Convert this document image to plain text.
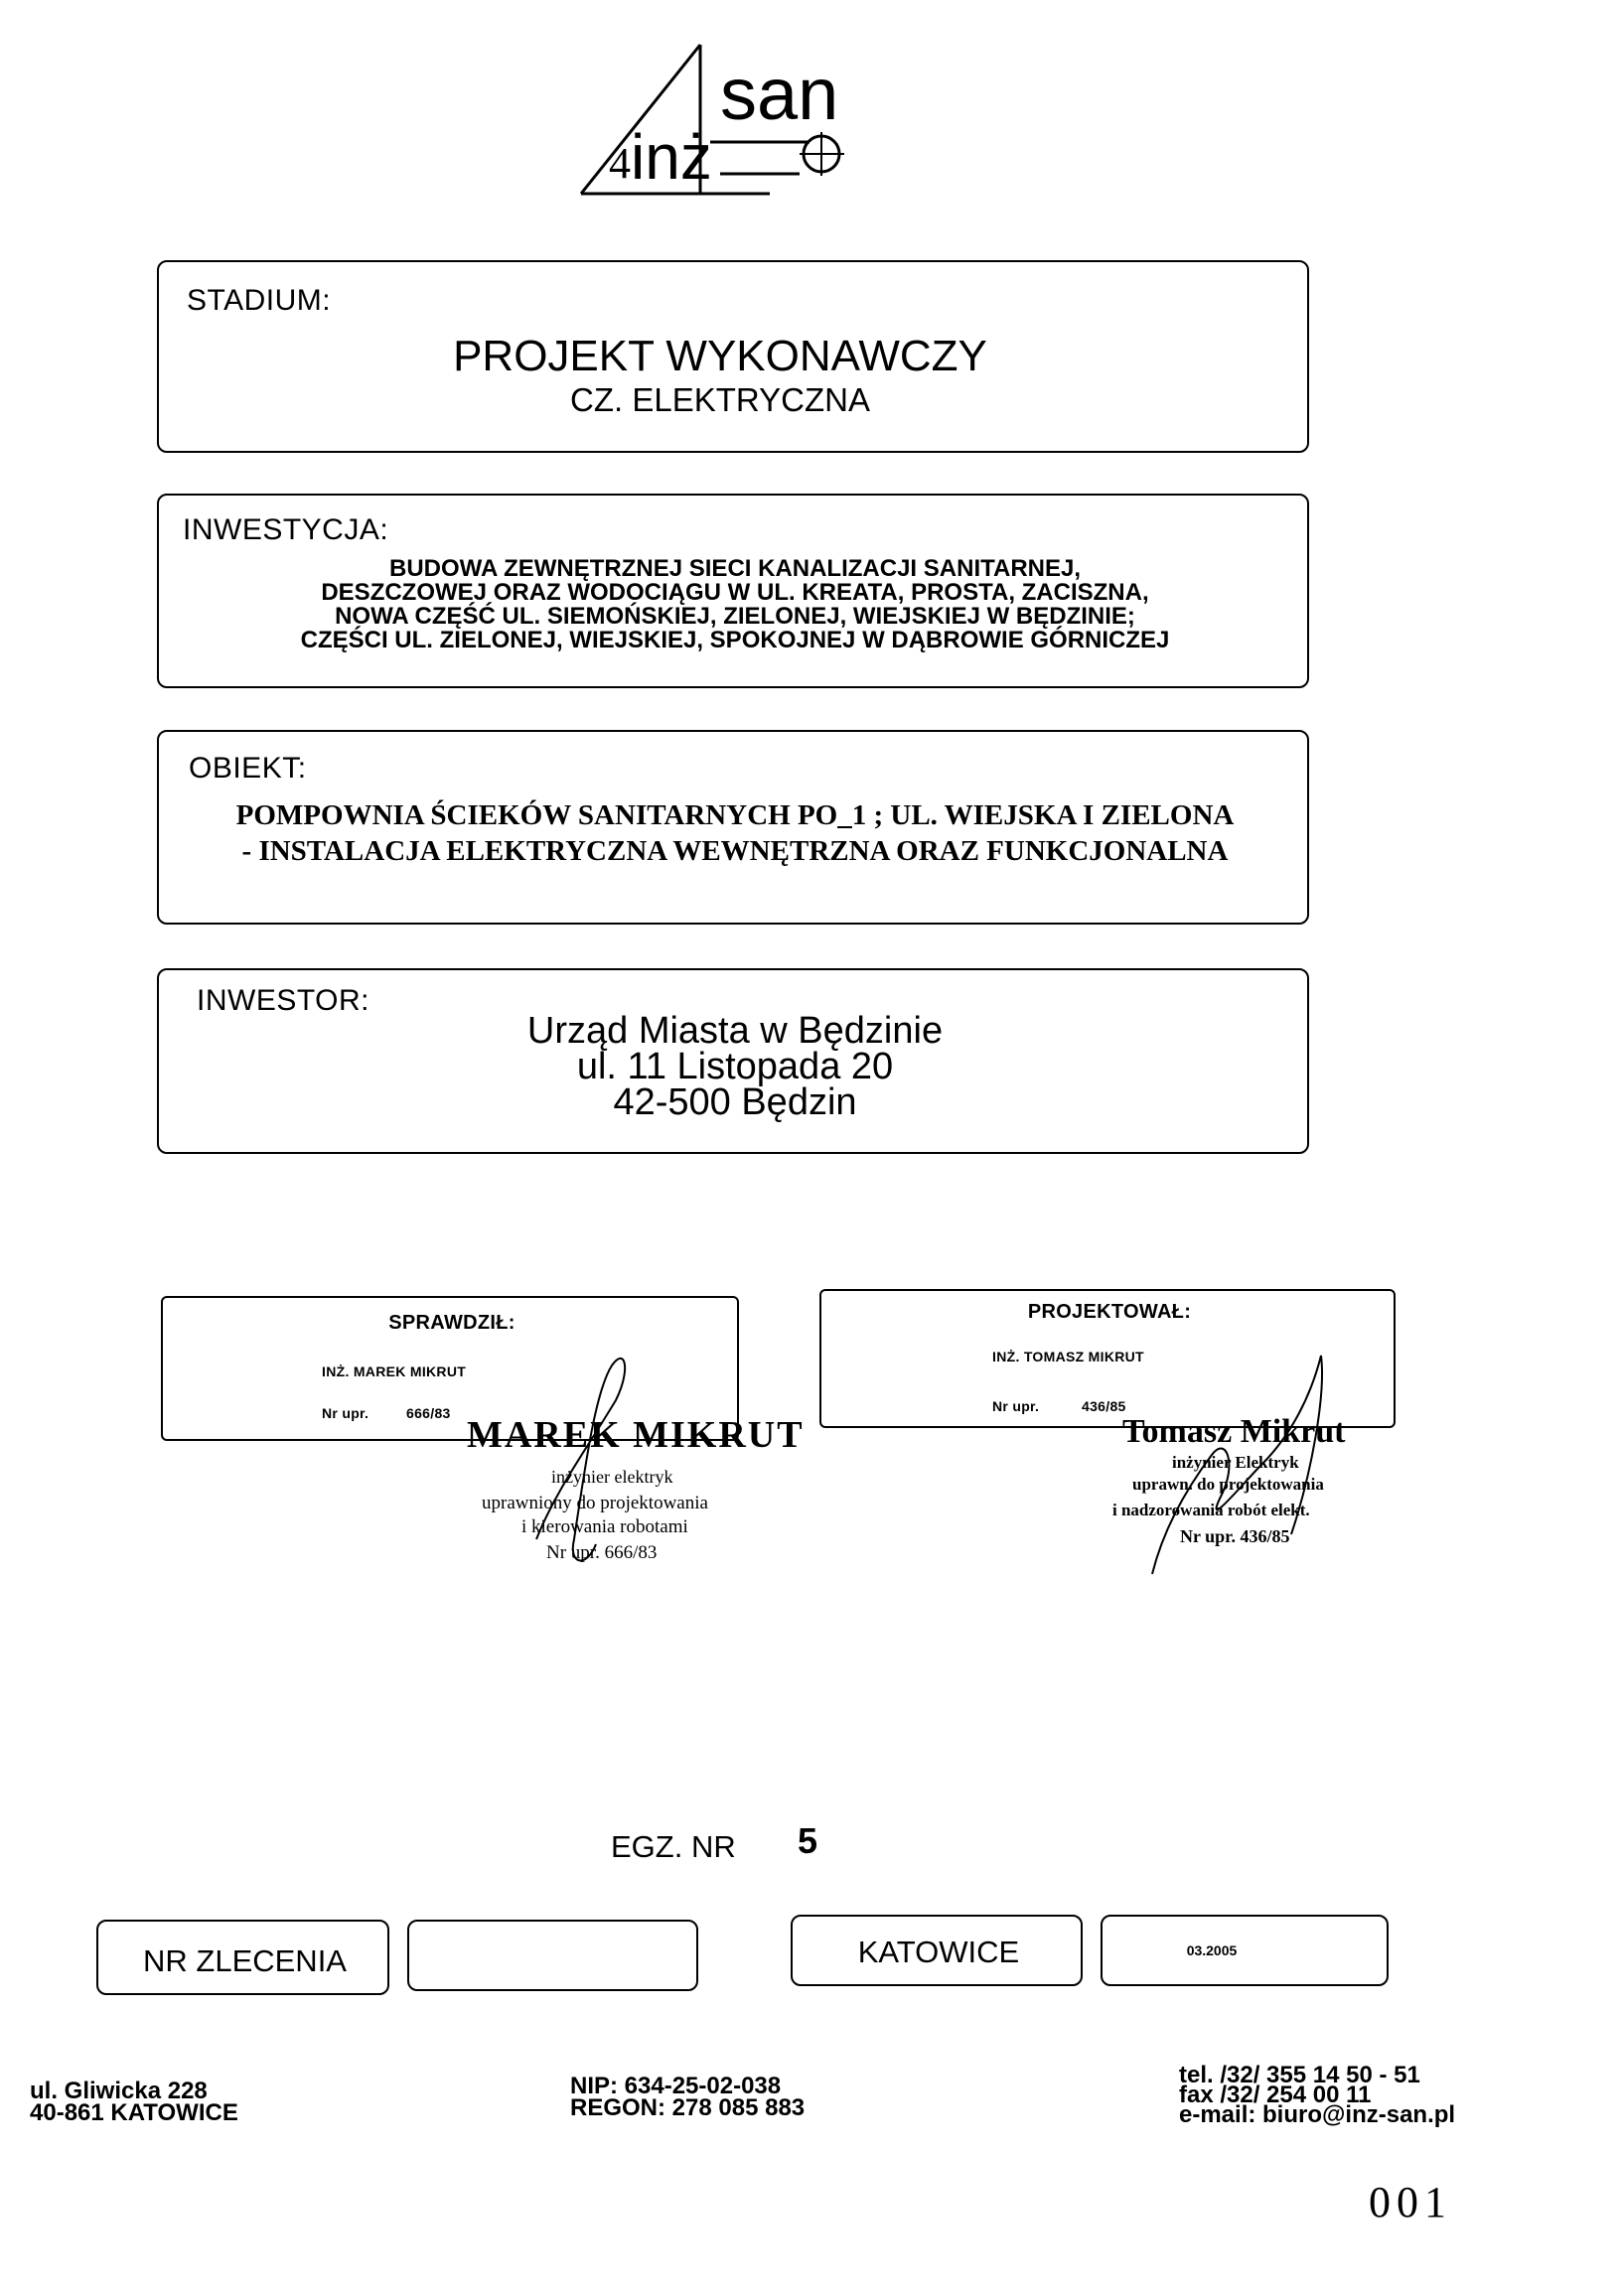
san
inż
4
STADIUM:
PROJEKT WYKONAWCZY
CZ. ELEKTRYCZNA
INWESTYCJA:
BUDOWA ZEWNĘTRZNEJ SIECI KANALIZACJI SANITARNEJ,
DESZCZOWEJ ORAZ WODOCIĄGU W UL. KREATA, PROSTA, ZACISZNA,
NOWA CZĘŚĆ UL. SIEMOŃSKIEJ, ZIELONEJ, WIEJSKIEJ W BĘDZINIE;
CZĘŚCI UL. ZIELONEJ, WIEJSKIEJ, SPOKOJNEJ W DĄBROWIE GÓRNICZEJ
OBIEKT:
POMPOWNIA ŚCIEKÓW SANITARNYCH PO_1 ; UL. WIEJSKA I ZIELONA
- INSTALACJA ELEKTRYCZNA WEWNĘTRZNA ORAZ FUNKCJONALNA
INWESTOR:
Urząd Miasta w Będzinie
ul. 11 Listopada 20
42-500 Będzin
SPRAWDZIŁ:
INŻ. MAREK MIKRUT
Nr upr.	666/83
PROJEKTOWAŁ:
INŻ. TOMASZ MIKRUT
Nr upr.	436/85
MAREK MIKRUT
inżynier elektryk
uprawniony do projektowania
i kierowania robotami
Nr upr. 666/83
Tomasz Mikrut
inżynier Elektryk
uprawn. do projektowania
i nadzorowania robót elekt.
Nr upr. 436/85
EGZ. NR 5
NR ZLECENIA	KATOWICE	03.2005
ul. Gliwicka 228
40-861 KATOWICE
NIP: 634-25-02-038
REGON: 278 085 883
tel. /32/ 355 14 50 - 51
fax /32/ 254 00 11
e-mail: biuro@inz-san.pl
001
